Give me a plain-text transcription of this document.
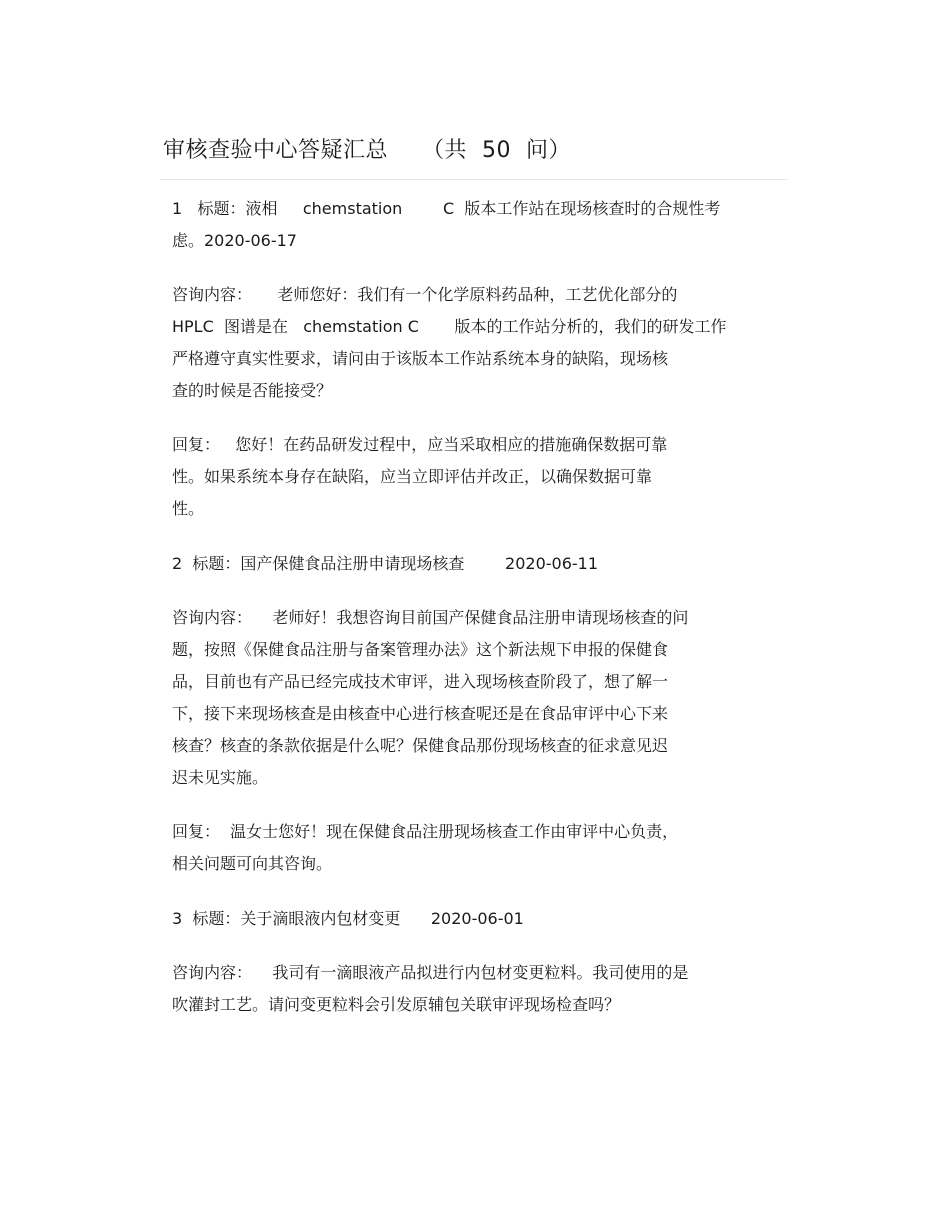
审核查验中心答疑汇总　　（共  50  问）
1   标题：液相     chemstation        C  版本工作站在现场核查时的合规性考
虑。2020-06-17
咨询内容：     老师您好：我们有一个化学原料药品种，工艺优化部分的
HPLC  图谱是在   chemstation C       版本的工作站分析的，我们的研发工作
严格遵守真实性要求，请问由于该版本工作站系统本身的缺陷，现场核
查的时候是否能接受？
回复：   您好！在药品研发过程中，应当采取相应的措施确保数据可靠
性。如果系统本身存在缺陷，应当立即评估并改正，以确保数据可靠
性。
2  标题：国产保健食品注册申请现场核查        2020-06-11
咨询内容：    老师好！我想咨询目前国产保健食品注册申请现场核查的问
题，按照《保健食品注册与备案管理办法》这个新法规下申报的保健食
品，目前也有产品已经完成技术审评，进入现场核查阶段了，想了解一
下，接下来现场核查是由核查中心进行核查呢还是在食品审评中心下来
核查？核查的条款依据是什么呢？保健食品那份现场核查的征求意见迟
迟未见实施。
回复：  温女士您好！现在保健食品注册现场核查工作由审评中心负责，
相关问题可向其咨询。
3  标题：关于滴眼液内包材变更      2020-06-01
咨询内容：    我司有一滴眼液产品拟进行内包材变更粒料。我司使用的是
吹灌封工艺。请问变更粒料会引发原辅包关联审评现场检查吗？
